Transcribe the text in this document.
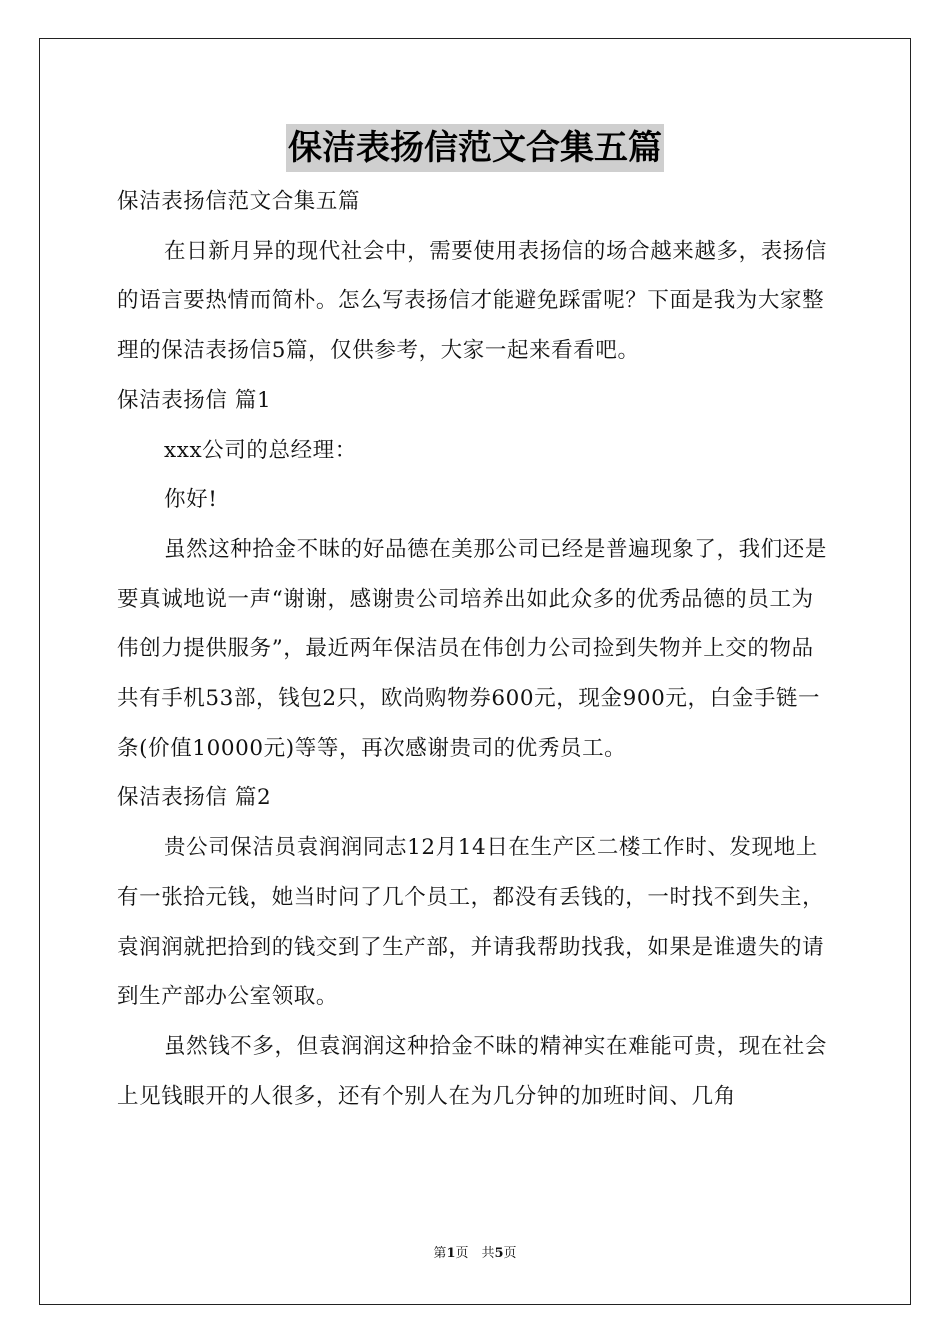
保洁表扬信范文合集五篇

保洁表扬信范文合集五篇

在日新月异的现代社会中，需要使用表扬信的场合越来越多，表扬信的语言要热情而简朴。怎么写表扬信才能避免踩雷呢？下面是我为大家整理的保洁表扬信5篇，仅供参考，大家一起来看看吧。

保洁表扬信 篇1

xxx公司的总经理：

你好!

虽然这种拾金不昧的好品德在美那公司已经是普遍现象了，我们还是要真诚地说一声“谢谢，感谢贵公司培养出如此众多的优秀品德的员工为伟创力提供服务”，最近两年保洁员在伟创力公司捡到失物并上交的物品共有手机53部，钱包2只，欧尚购物券600元，现金900元，白金手链一条(价值10000元)等等，再次感谢贵司的优秀员工。

保洁表扬信 篇2

贵公司保洁员袁润润同志12月14日在生产区二楼工作时、发现地上有一张拾元钱，她当时问了几个员工，都没有丢钱的，一时找不到失主，袁润润就把拾到的钱交到了生产部，并请我帮助找我，如果是谁遗失的请到生产部办公室领取。

虽然钱不多，但袁润润这种拾金不昧的精神实在难能可贵，现在社会上见钱眼开的人很多，还有个别人在为几分钟的加班时间、几角

第1页　共5页
